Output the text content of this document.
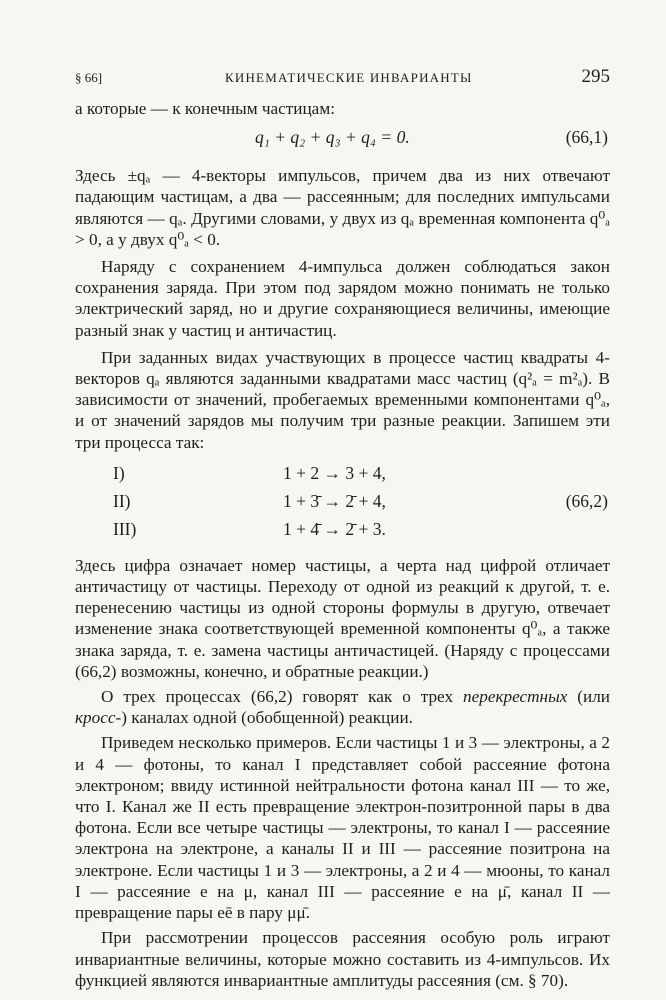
§ 66]	КИНЕМАТИЧЕСКИЕ ИНВАРИАНТЫ	295

а которые — к конечным частицам:

q₁ + q₂ + q₃ + q₄ = 0.	(66,1)

Здесь ±qₐ — 4-векторы импульсов, причем два из них отвечают падающим частицам, а два — рассеянным; для последних импульсами являются — qₐ. Другими словами, у двух из qₐ временная компонента q⁰ₐ > 0, а у двух q⁰ₐ < 0.

Наряду с сохранением 4-импульса должен соблюдаться закон сохранения заряда. При этом под зарядом можно понимать не только электрический заряд, но и другие сохраняющиеся величины, имеющие разный знак у частиц и античастиц.

При заданных видах участвующих в процессе частиц квадраты 4-векторов qₐ являются заданными квадратами масс частиц (q²ₐ = m²ₐ). В зависимости от значений, пробегаемых временными компонентами q⁰ₐ, и от значений зарядов мы получим три разные реакции. Запишем эти три процесса так:

I)	1 + 2 → 3 + 4,
II)	1 + 3̄ → 2̄ + 4,	(66,2)
III)	1 + 4̄ → 2̄ + 3.

Здесь цифра означает номер частицы, а черта над цифрой отличает античастицу от частицы. Переходу от одной из реакций к другой, т. е. перенесению частицы из одной стороны формулы в другую, отвечает изменение знака соответствующей временной компоненты q⁰ₐ, а также знака заряда, т. е. замена частицы античастицей. (Наряду с процессами (66,2) возможны, конечно, и обратные реакции.)

О трех процессах (66,2) говорят как о трех перекрестных (или кросс-) каналах одной (обобщенной) реакции.

Приведем несколько примеров. Если частицы 1 и 3 — электроны, а 2 и 4 — фотоны, то канал I представляет собой рассеяние фотона электроном; ввиду истинной нейтральности фотона канал III — то же, что I. Канал же II есть превращение электрон-позитронной пары в два фотона. Если все четыре частицы — электроны, то канал I — рассеяние электрона на электроне, а каналы II и III — рассеяние позитрона на электроне. Если частицы 1 и 3 — электроны, а 2 и 4 — мюоны, то канал I — рассеяние e на μ, канал III — рассеяние e на μ̄, канал II — превращение пары eē в пару μμ̄.

При рассмотрении процессов рассеяния особую роль играют инвариантные величины, которые можно составить из 4-импульсов. Их функцией являются инвариантные амплитуды рассеяния (см. § 70).
